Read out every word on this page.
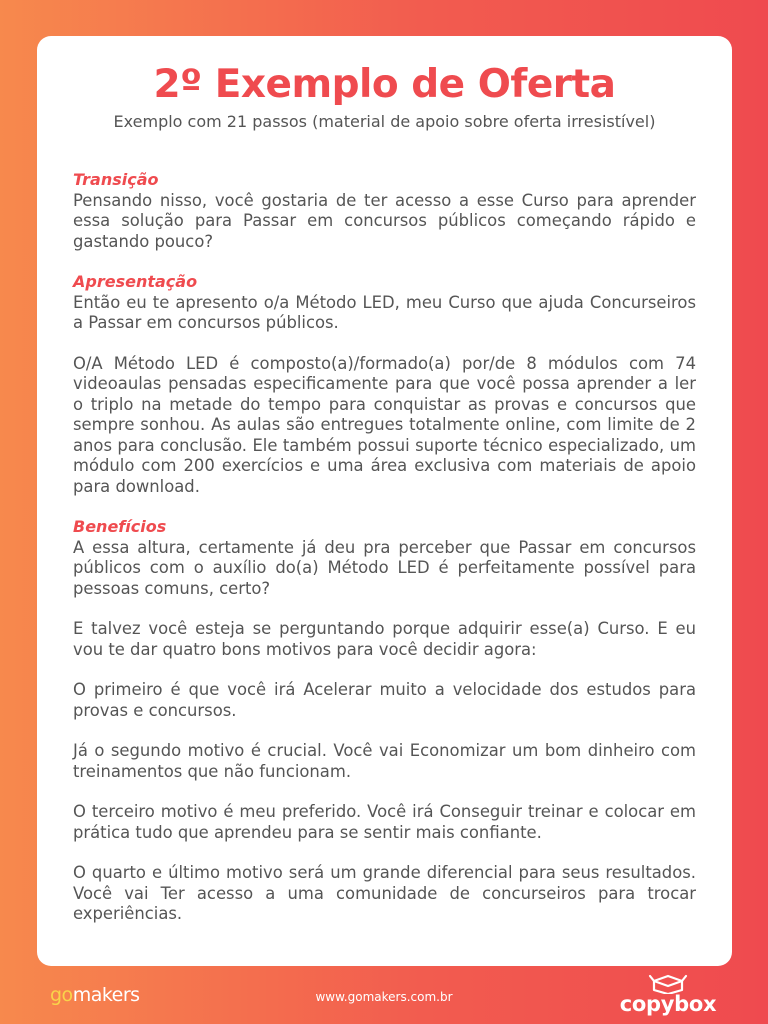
2º Exemplo de Oferta
Exemplo com 21 passos (material de apoio sobre oferta irresistível)

Transição

Pensando nisso, você gostaria de ter acesso a esse Curso para aprender essa solução para Passar em concursos públicos começando rápido e gastando pouco?

Apresentação

Então eu te apresento o/a Método LED, meu Curso que ajuda Concurseiros a Passar em concursos públicos.

O/A Método LED é composto(a)/formado(a) por/de 8 módulos com 74 videoaulas pensadas especificamente para que você possa aprender a ler o triplo na metade do tempo para conquistar as provas e concursos que sempre sonhou. As aulas são entregues totalmente online, com limite de 2 anos para conclusão. Ele também possui suporte técnico especializado, um módulo com 200 exercícios e uma área exclusiva com materiais de apoio para download.

Benefícios

A essa altura, certamente já deu pra perceber que Passar em concursos públicos com o auxílio do(a) Método LED é perfeitamente possível para pessoas comuns, certo?

E talvez você esteja se perguntando porque adquirir esse(a) Curso. E eu vou te dar quatro bons motivos para você decidir agora:

O primeiro é que você irá Acelerar muito a velocidade dos estudos para provas e concursos.

Já o segundo motivo é crucial. Você vai Economizar um bom dinheiro com treinamentos que não funcionam.

O terceiro motivo é meu preferido. Você irá Conseguir treinar e colocar em prática tudo que aprendeu para se sentir mais confiante.

O quarto e último motivo será um grande diferencial para seus resultados. Você vai Ter acesso a uma comunidade de concurseiros para trocar experiências.

gomakers	www.gomakers.com.br	copybox
